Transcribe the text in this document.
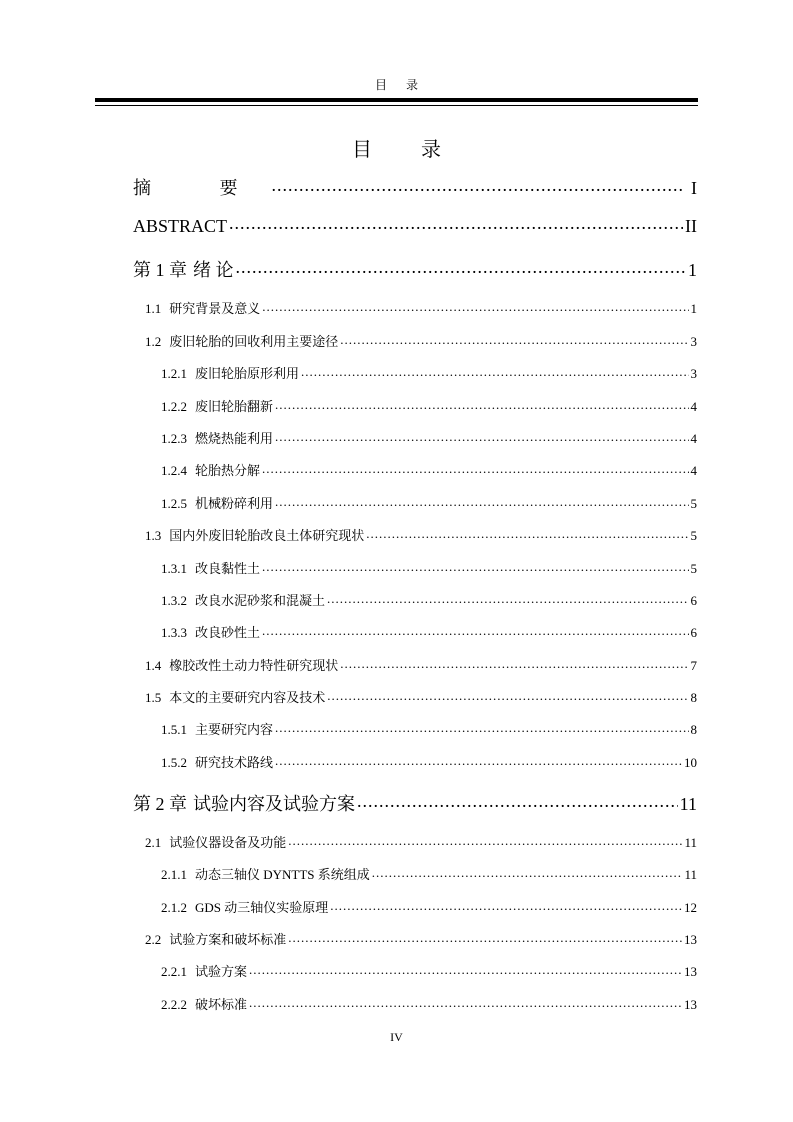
目 录
目 录
摘 要 .....	I
ABSTRACT .....	II
第 1 章 绪 论 .....	1
1.1 研究背景及意义 .....	1
1.2 废旧轮胎的回收利用主要途径 .....	3
1.2.1 废旧轮胎原形利用 .....	3
1.2.2 废旧轮胎翻新 .....	4
1.2.3 燃烧热能利用 .....	4
1.2.4 轮胎热分解 .....	4
1.2.5 机械粉碎利用 .....	5
1.3 国内外废旧轮胎改良土体研究现状 .....	5
1.3.1 改良黏性土 .....	5
1.3.2 改良水泥砂浆和混凝土 .....	6
1.3.3 改良砂性土 .....	6
1.4 橡胶改性土动力特性研究现状 .....	7
1.5 本文的主要研究内容及技术 .....	8
1.5.1 主要研究内容 .....	8
1.5.2 研究技术路线 .....	10
第 2 章 试验内容及试验方案 .....	11
2.1 试验仪器设备及功能 .....	11
2.1.1 动态三轴仪 DYNTTS 系统组成 .....	11
2.1.2 GDS 动三轴仪实验原理 .....	12
2.2 试验方案和破坏标准 .....	13
2.2.1 试验方案 .....	13
2.2.2 破坏标准 .....	13
IV
